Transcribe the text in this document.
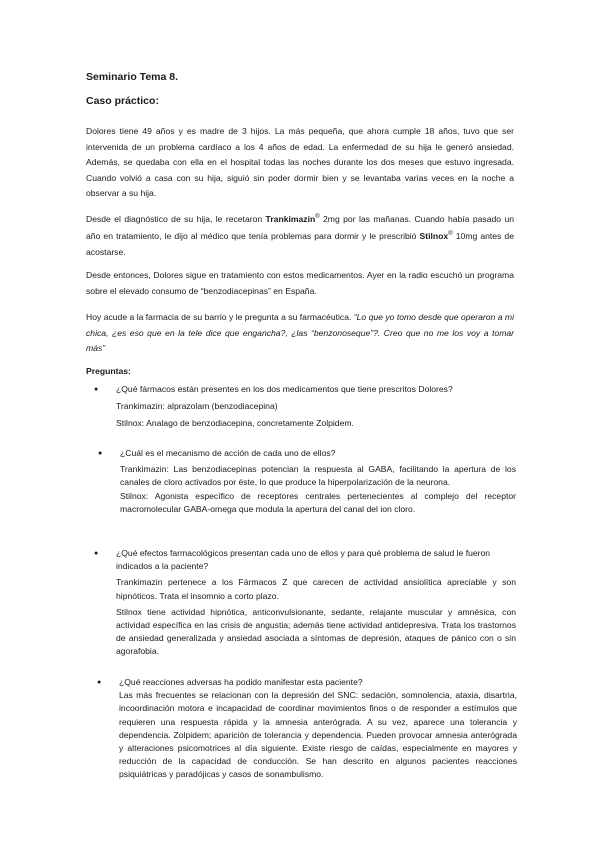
Seminario Tema 8.
Caso práctico:

Dolores tiene 49 años y es madre de 3 hijos. La más pequeña, que ahora cumple 18 años, tuvo que ser intervenida de un problema cardíaco a los 4 años de edad. La enfermedad de su hija le generó ansiedad. Además, se quedaba con ella en el hospital todas las noches durante los dos meses que estuvo ingresada. Cuando volvió a casa con su hija, siguió sin poder dormir bien y se levantaba varias veces en la noche a observar a su hija.

Desde el diagnóstico de su hija, le recetaron Trankimazin® 2mg por las mañanas. Cuando había pasado un año en tratamiento, le dijo al médico que tenía problemas para dormir y le prescribió Stilnox® 10mg antes de acostarse.

Desde entonces, Dolores sigue en tratamiento con estos medicamentos. Ayer en la radio escuchó un programa sobre el elevado consumo de “benzodiacepinas” en España.

Hoy acude a la farmacia de su barrio y le pregunta a su farmacéutica. “Lo que yo tomo desde que operaron a mi chica, ¿es eso que en la tele dice que engancha?, ¿las “benzonoseque”?. Creo que no me los voy a tomar más”

Preguntas:
● ¿Qué fármacos están presentes en los dos medicamentos que tiene prescritos Dolores?

Trankimazin: alprazolam (benzodiacepina)

Stilnox: Analago de benzodiacepina, concretamente Zolpidem.

● ¿Cuál es el mecanismo de acción de cada uno de ellos?

Trankimazin: Las benzodiacepinas potencian la respuesta al GABA, facilitando la apertura de los canales de cloro activados por éste, lo que produce la hiperpolarización de la neurona.

Stilnox: Agonista específico de receptores centrales pertenecientes al complejo del receptor macromolecular GABA-omega que modula la apertura del canal del ion cloro.

● ¿Qué efectos farmacológicos presentan cada uno de ellos y para qué problema de salud le fueron indicados a la paciente?

Trankimazin pertenece a los Fármacos Z que carecen de actividad ansiolítica apreciable y son hipnóticos. Trata el insomnio a corto plazo.

Stilnox tiene actividad hipnótica, anticonvulsionante, sedante, relajante muscular y amnésica, con actividad específica en las crisis de angustia; además tiene actividad antidepresiva. Trata los trastornos de ansiedad generalizada y ansiedad asociada a síntomas de depresión, ataques de pánico con o sin agorafobia.

● ¿Qué reacciones adversas ha podido manifestar esta paciente?

Las más frecuentes se relacionan con la depresión del SNC: sedación, somnolencia, ataxia, disartria, incoordinación motora e incapacidad de coordinar movimientos finos o de responder a estímulos que requieren una respuesta rápida y la amnesia anterógrada. A su vez, aparece una tolerancia y dependencia. Zolpidem; aparición de tolerancia y dependencia. Pueden provocar amnesia anterógrada y alteraciones psicomotrices al día siguiente. Existe riesgo de caídas, especialmente en mayores y reducción de la capacidad de conducción. Se han descrito en algunos pacientes reacciones psiquiátricas y paradójicas y casos de sonambulismo.
